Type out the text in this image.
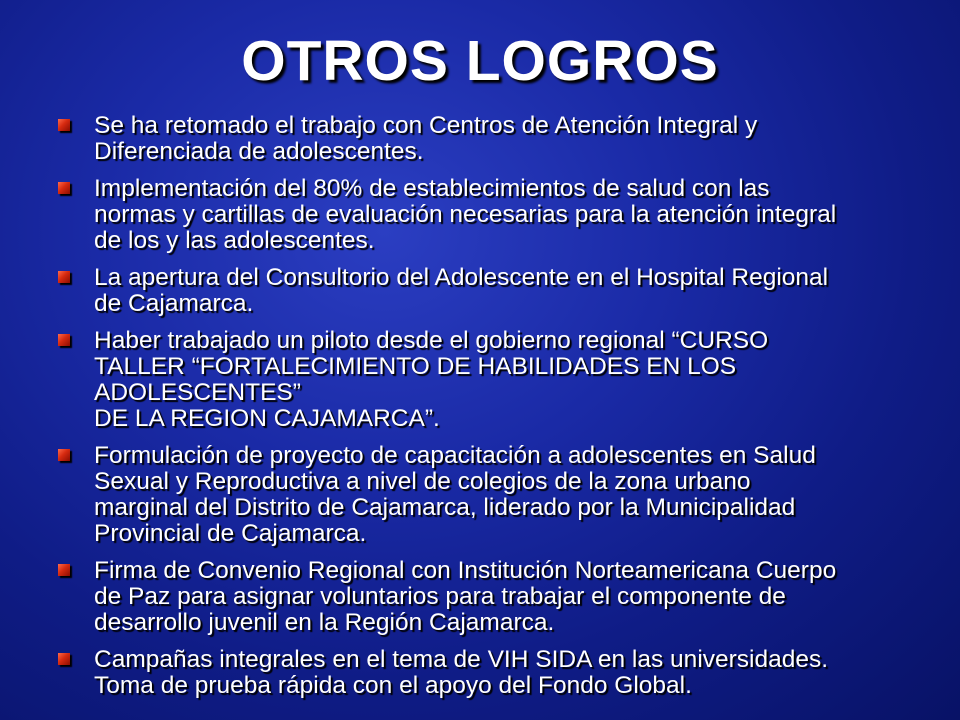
OTROS LOGROS
Se ha retomado el trabajo con Centros de Atención Integral y
Diferenciada de adolescentes.
Implementación del 80% de establecimientos de salud con las
normas y cartillas de evaluación necesarias para la atención integral
de los y las adolescentes.
La apertura del Consultorio del Adolescente en el Hospital Regional
de Cajamarca.
Haber trabajado un piloto desde el gobierno regional “CURSO
TALLER “FORTALECIMIENTO DE HABILIDADES EN LOS
ADOLESCENTES”
DE LA REGION CAJAMARCA”.
Formulación de proyecto de capacitación a adolescentes en Salud
Sexual y Reproductiva a nivel de colegios de la zona urbano
marginal del Distrito de Cajamarca, liderado por la Municipalidad
Provincial de Cajamarca.
Firma de Convenio Regional con Institución Norteamericana Cuerpo
de Paz para asignar voluntarios para trabajar el componente de
desarrollo juvenil en la Región Cajamarca.
Campañas integrales en el tema de VIH SIDA en las universidades.
Toma de prueba rápida con el apoyo del Fondo Global.
